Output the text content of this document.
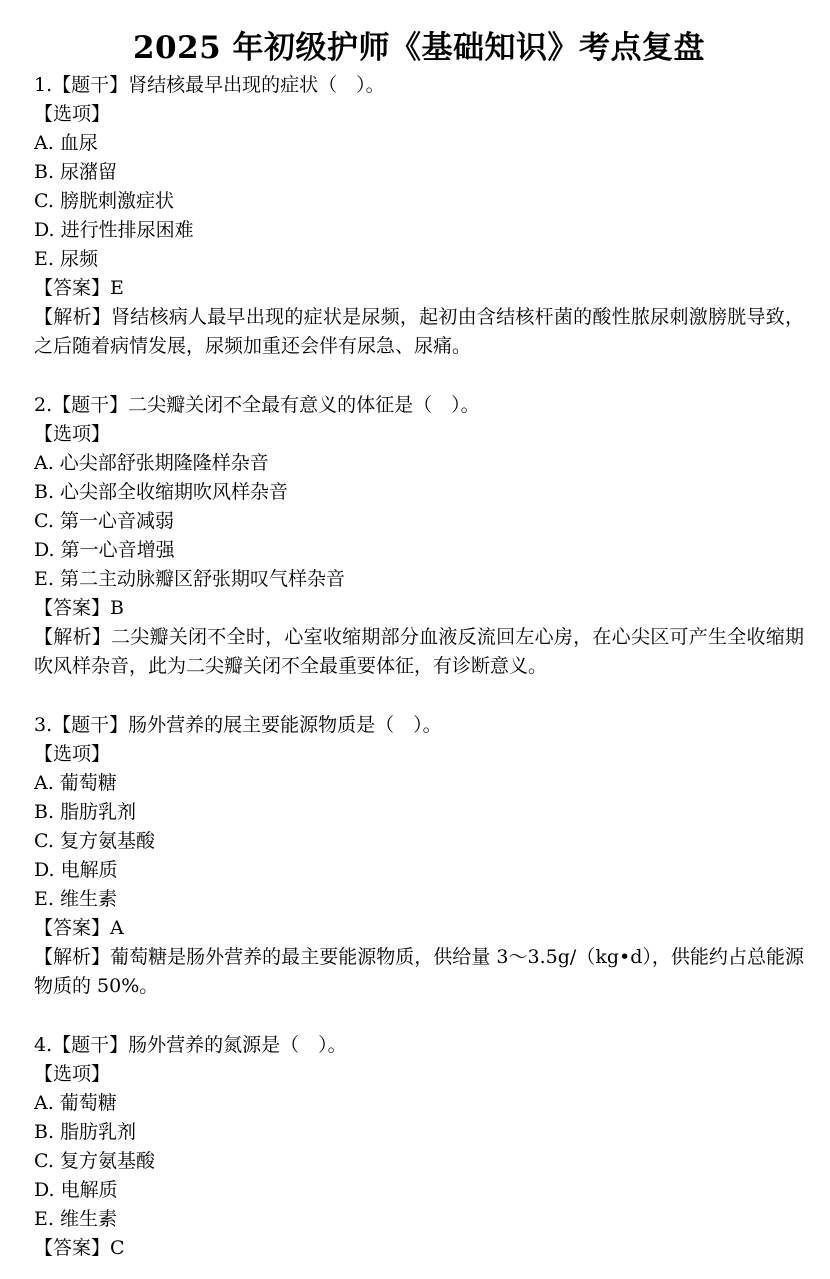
2025 年初级护师《基础知识》考点复盘
1.【题干】肾结核最早出现的症状（　）。
【选项】
A. 血尿
B. 尿潴留
C. 膀胱刺激症状
D. 进行性排尿困难
E. 尿频
【答案】E
【解析】肾结核病人最早出现的症状是尿频，起初由含结核杆菌的酸性脓尿刺激膀胱导致，之后随着病情发展，尿频加重还会伴有尿急、尿痛。
2.【题干】二尖瓣关闭不全最有意义的体征是（　）。
【选项】
A. 心尖部舒张期隆隆样杂音
B. 心尖部全收缩期吹风样杂音
C. 第一心音减弱
D. 第一心音增强
E. 第二主动脉瓣区舒张期叹气样杂音
【答案】B
【解析】二尖瓣关闭不全时，心室收缩期部分血液反流回左心房，在心尖区可产生全收缩期吹风样杂音，此为二尖瓣关闭不全最重要体征，有诊断意义。
3.【题干】肠外营养的展主要能源物质是（　）。
【选项】
A. 葡萄糖
B. 脂肪乳剂
C. 复方氨基酸
D. 电解质
E. 维生素
【答案】A
【解析】葡萄糖是肠外营养的最主要能源物质，供给量 3～3.5g/（kg•d），供能约占总能源物质的 50%。
4.【题干】肠外营养的氮源是（　）。
【选项】
A. 葡萄糖
B. 脂肪乳剂
C. 复方氨基酸
D. 电解质
E. 维生素
【答案】C
